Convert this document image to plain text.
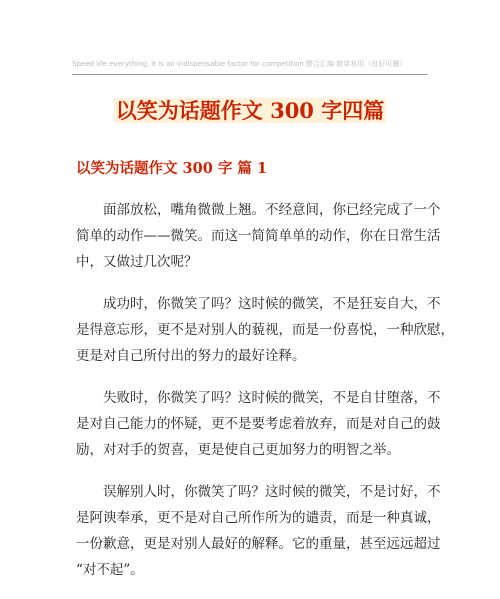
Speed life everything, it is an indispensable factor for competition.整合汇编 简单易用（良好可删）
以笑为话题作文 300 字四篇
以笑为话题作文 300 字 篇 1
面部放松，嘴角微微上翘。不经意间，你已经完成了一个
简单的动作——微笑。而这一简简单单的动作，你在日常生活
中，又做过几次呢？
成功时，你微笑了吗？这时候的微笑，不是狂妄自大，不
是得意忘形，更不是对别人的藐视，而是一份喜悦，一种欣慰，
更是对自己所付出的努力的最好诠释。
失败时，你微笑了吗？这时候的微笑，不是自甘堕落，不
是对自己能力的怀疑，更不是要考虑着放弃，而是对自己的鼓
励，对对手的贺喜，更是使自己更加努力的明智之举。
误解别人时，你微笑了吗？这时候的微笑，不是讨好，不
是阿谀奉承，更不是对自己所作所为的谴责，而是一种真诚，
一份歉意，更是对别人最好的解释。它的重量，甚至远远超过
“对不起”。
